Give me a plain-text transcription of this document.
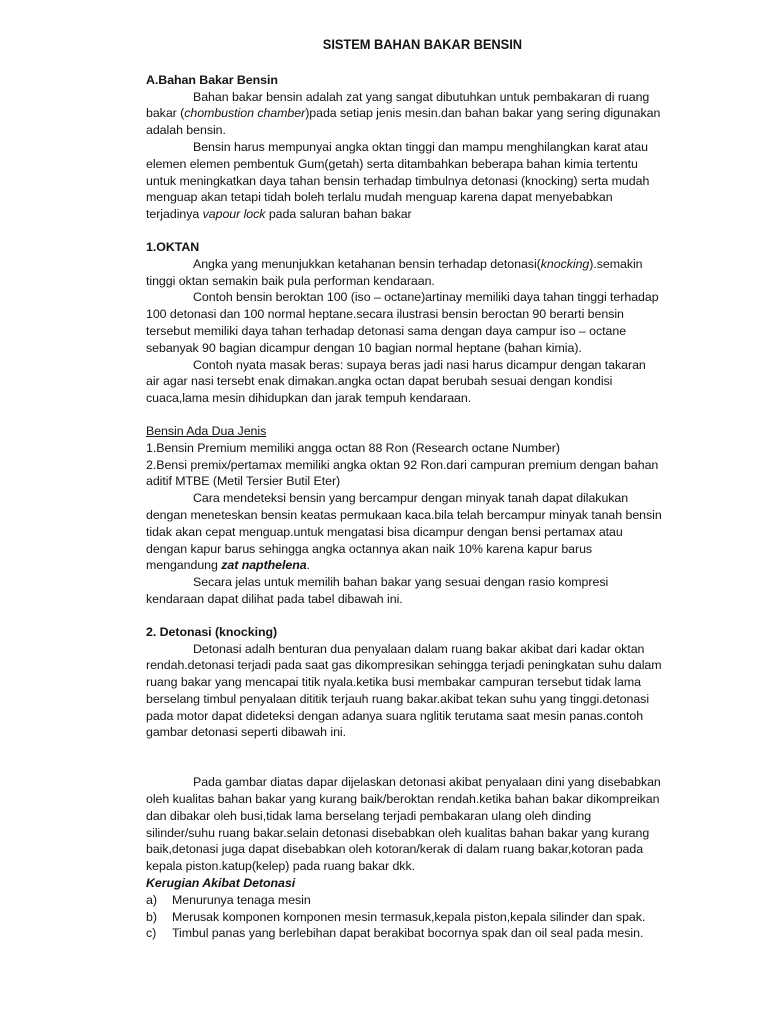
SISTEM BAHAN BAKAR BENSIN

A.Bahan Bakar Bensin

Bahan bakar bensin adalah zat yang sangat dibutuhkan untuk pembakaran di ruang bakar (chombustion chamber)pada setiap jenis mesin.dan bahan bakar yang sering digunakan adalah bensin.

Bensin harus mempunyai angka oktan tinggi dan mampu menghilangkan karat atau elemen elemen pembentuk Gum(getah) serta ditambahkan beberapa bahan kimia tertentu untuk meningkatkan daya tahan bensin terhadap timbulnya detonasi (knocking) serta mudah menguap akan tetapi tidah boleh terlalu mudah menguap karena dapat menyebabkan terjadinya vapour lock pada saluran bahan bakar

1.OKTAN

Angka yang menunjukkan ketahanan bensin terhadap detonasi(knocking).semakin tinggi oktan semakin baik pula performan kendaraan.

Contoh bensin beroktan 100 (iso – octane)artinay memiliki daya tahan tinggi terhadap 100 detonasi dan 100 normal heptane.secara ilustrasi bensin beroctan 90 berarti bensin tersebut memiliki daya tahan terhadap detonasi sama dengan daya campur iso – octane sebanyak 90 bagian dicampur dengan 10 bagian normal heptane (bahan kimia).

Contoh nyata masak beras: supaya beras jadi nasi harus dicampur dengan takaran air agar nasi tersebt enak dimakan.angka octan dapat berubah sesuai dengan kondisi cuaca,lama mesin dihidupkan dan jarak tempuh kendaraan.

Bensin Ada Dua Jenis

1.Bensin Premium memiliki angga octan 88 Ron (Research octane Number)

2.Bensi premix/pertamax memiliki angka oktan 92 Ron.dari campuran premium dengan bahan aditif MTBE (Metil Tersier Butil Eter)

Cara mendeteksi bensin yang bercampur dengan minyak tanah dapat dilakukan dengan meneteskan bensin keatas permukaan kaca.bila telah bercampur minyak tanah bensin tidak akan cepat menguap.untuk mengatasi bisa dicampur dengan bensi pertamax atau dengan kapur barus sehingga angka octannya akan naik 10% karena kapur barus mengandung zat napthelena.

Secara jelas untuk memilih bahan bakar yang sesuai dengan rasio kompresi kendaraan dapat dilihat pada tabel dibawah ini.

2. Detonasi (knocking)

Detonasi adalh benturan dua penyalaan dalam ruang bakar akibat dari kadar oktan rendah.detonasi terjadi pada saat gas dikompresikan sehingga terjadi peningkatan suhu dalam ruang bakar yang mencapai titik nyala.ketika busi membakar campuran tersebut tidak lama berselang timbul penyalaan dititik terjauh ruang bakar.akibat tekan suhu yang tinggi.detonasi pada motor dapat dideteksi dengan adanya suara nglitik terutama saat mesin panas.contoh gambar detonasi seperti dibawah ini.

Pada gambar diatas dapar dijelaskan detonasi akibat penyalaan dini yang disebabkan oleh kualitas bahan bakar yang kurang baik/beroktan rendah.ketika bahan bakar dikompreikan dan dibakar oleh busi,tidak lama berselang terjadi pembakaran ulang oleh dinding silinder/suhu ruang bakar.selain detonasi disebabkan oleh kualitas bahan bakar yang kurang baik,detonasi juga dapat disebabkan oleh kotoran/kerak di dalam ruang bakar,kotoran pada kepala piston.katup(kelep) pada ruang bakar dkk.

Kerugian Akibat Detonasi

a)	Menurunya tenaga mesin
b)	Merusak komponen komponen mesin termasuk,kepala piston,kepala silinder dan spak.
c)	Timbul panas yang berlebihan dapat berakibat bocornya spak dan oil seal pada mesin.
